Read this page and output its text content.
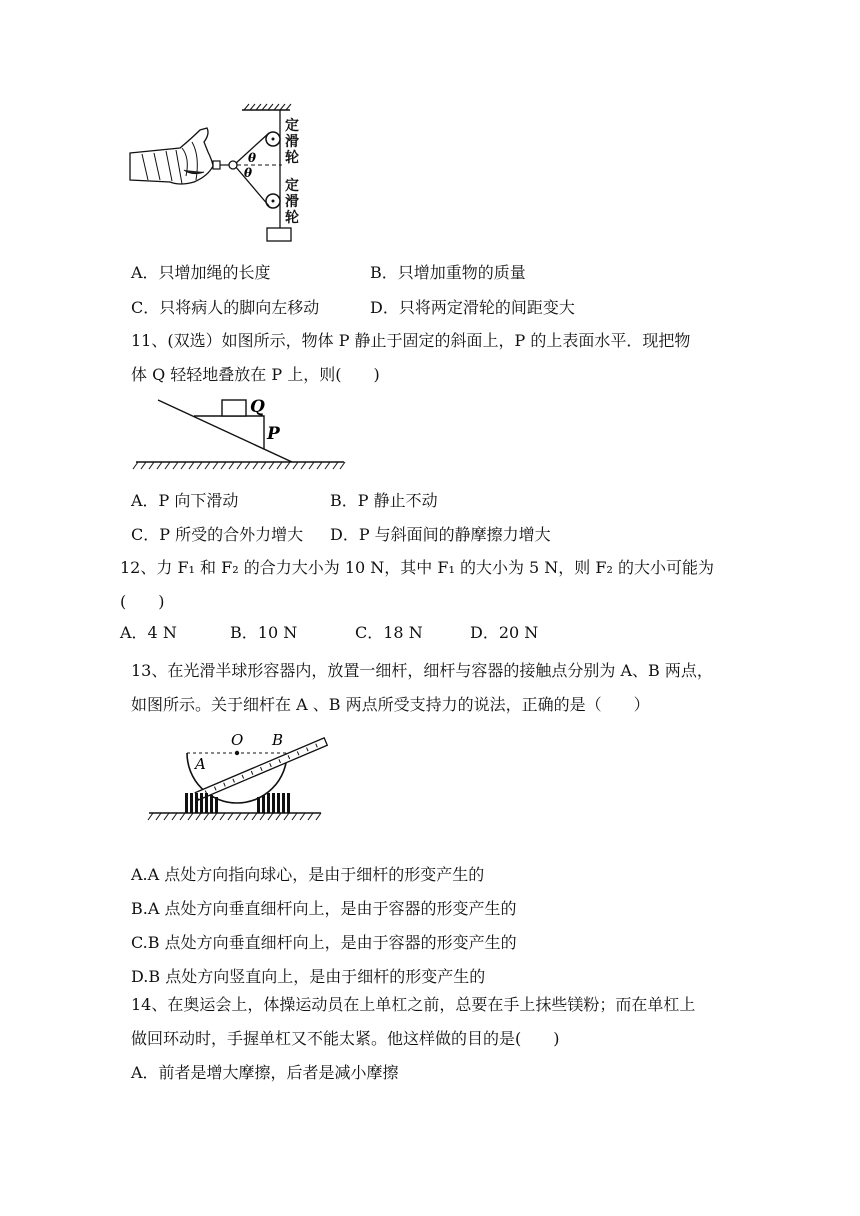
θ
θ
定滑轮
定滑轮
A．只增加绳的长度	B．只增加重物的质量
C．只将病人的脚向左移动	D．只将两定滑轮的间距变大
11、(双选）如图所示，物体 P 静止于固定的斜面上，P 的上表面水平．现把物
体 Q 轻轻地叠放在 P 上，则(　　)
Q
P
A．P 向下滑动	B．P 静止不动
C．P 所受的合外力增大 D．P 与斜面间的静摩擦力增大
12、力 F₁ 和 F₂ 的合力大小为 10 N，其中 F₁ 的大小为 5 N，则 F₂ 的大小可能为
(　　)
A．4 N	B．10 N	C．18 N	D．20 N
13、在光滑半球形容器内，放置一细杆，细杆与容器的接触点分别为 A、B 两点，
如图所示。关于细杆在 A 、B 两点所受支持力的说法，正确的是（　　）
O B
A
A.A 点处方向指向球心，是由于细杆的形变产生的
B.A 点处方向垂直细杆向上，是由于容器的形变产生的
C.B 点处方向垂直细杆向上，是由于容器的形变产生的
D.B 点处方向竖直向上，是由于细杆的形变产生的
14、在奥运会上，体操运动员在上单杠之前，总要在手上抹些镁粉；而在单杠上
做回环动时，手握单杠又不能太紧。他这样做的目的是(　　)
A．前者是增大摩擦，后者是减小摩擦
